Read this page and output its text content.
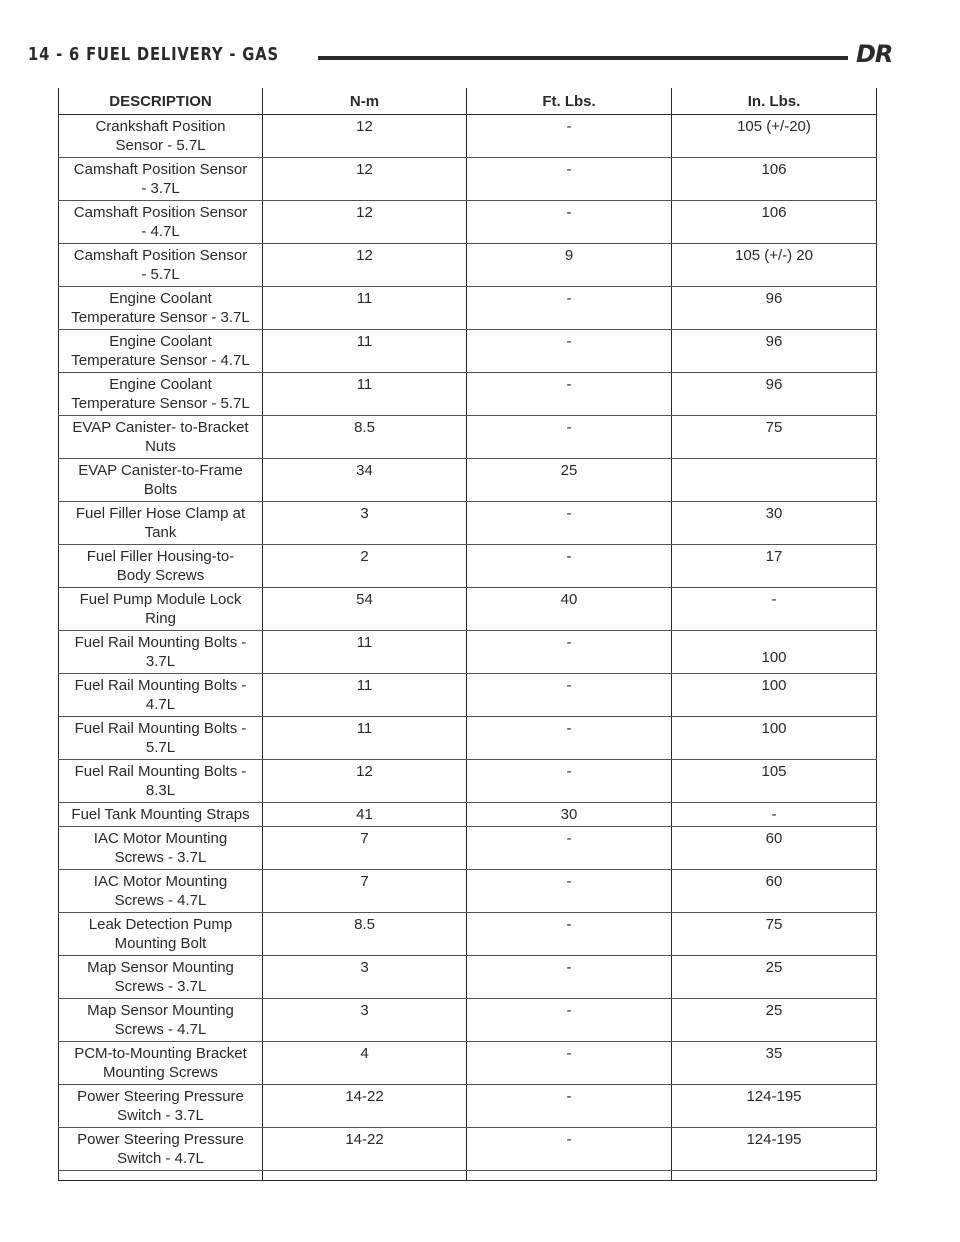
14 - 6 FUEL DELIVERY - GAS	DR
DESCRIPTION	N-m	Ft. Lbs.	In. Lbs.
Crankshaft Position
Sensor - 5.7L	12	-	105 (+/-20)
Camshaft Position Sensor
- 3.7L	12	-	106
Camshaft Position Sensor
- 4.7L	12	-	106
Camshaft Position Sensor
- 5.7L	12	9	105 (+/-) 20
Engine Coolant
Temperature Sensor - 3.7L	11	-	96
Engine Coolant
Temperature Sensor - 4.7L	11	-	96
Engine Coolant
Temperature Sensor - 5.7L	11	-	96
EVAP Canister- to-Bracket
Nuts	8.5	-	75
EVAP Canister-to-Frame
Bolts	34	25	
Fuel Filler Hose Clamp at
Tank	3	-	30
Fuel Filler Housing-to-
Body Screws	2	-	17
Fuel Pump Module Lock
Ring	54	40	-
Fuel Rail Mounting Bolts -
3.7L	11	-	100
Fuel Rail Mounting Bolts -
4.7L	11	-	100
Fuel Rail Mounting Bolts -
5.7L	11	-	100
Fuel Rail Mounting Bolts -
8.3L	12	-	105
Fuel Tank Mounting Straps	41	30	-
IAC Motor Mounting
Screws - 3.7L	7	-	60
IAC Motor Mounting
Screws - 4.7L	7	-	60
Leak Detection Pump
Mounting Bolt	8.5	-	75
Map Sensor Mounting
Screws - 3.7L	3	-	25
Map Sensor Mounting
Screws - 4.7L	3	-	25
PCM-to-Mounting Bracket
Mounting Screws	4	-	35
Power Steering Pressure
Switch - 3.7L	14-22	-	124-195
Power Steering Pressure
Switch - 4.7L	14-22	-	124-195
